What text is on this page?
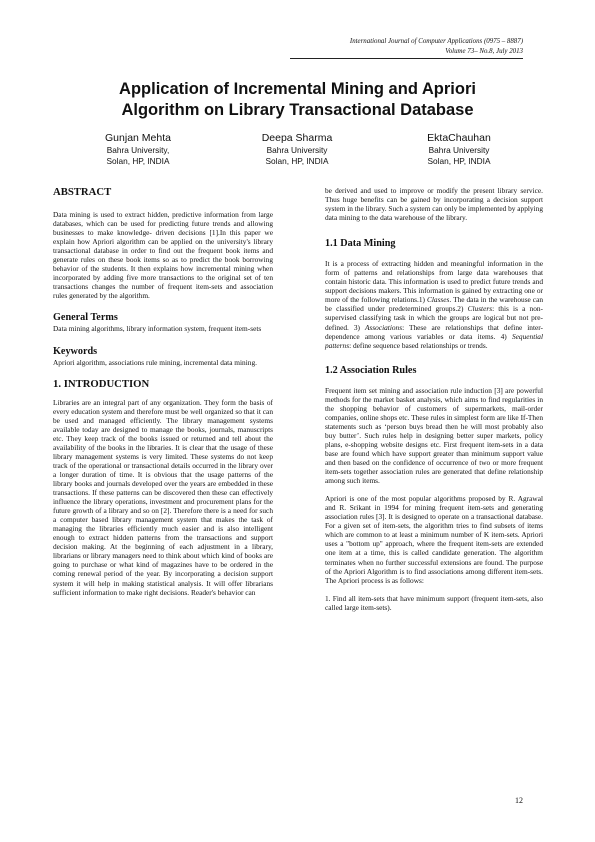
International Journal of Computer Applications (0975 – 8887)
Volume 73– No.8, July 2013
Application of Incremental Mining and Apriori
Algorithm on Library Transactional Database
Gunjan Mehta
Bahra University,
Solan, HP, INDIA
Deepa Sharma
Bahra University
Solan, HP, INDIA
EktaChauhan
Bahra University
Solan, HP, INDIA
ABSTRACT

Data mining is used to extract hidden, predictive information from large databases, which can be used for predicting future trends and allowing businesses to make knowledge- driven decisions [1].In this paper we explain how Apriori algorithm can be applied on the university's library transactional database in order to find out the frequent book items and generate rules on these book items so as to predict the book borrowing behavior of the students. It then explains how incremental mining when incorporated by adding five more transactions to the original set of ten transactions changes the number of frequent item-sets and association rules generated by the algorithm.

General Terms

Data mining algorithms, library information system, frequent item-sets

Keywords

Apriori algorithm, associations rule mining, incremental data mining.

1. INTRODUCTION

Libraries are an integral part of any organization. They form the basis of every education system and therefore must be well organized so that it can be used and managed efficiently. The library management systems available today are designed to manage the books, journals, manuscripts etc. They keep track of the books issued or returned and tell about the availability of the books in the libraries. It is clear that the usage of these library management systems is very limited. These systems do not keep track of the operational or transactional details occurred in the library over a longer duration of time. It is obvious that the usage patterns of the library books and journals developed over the years are embedded in these transactions. If these patterns can be discovered then these can effectively influence the library operations, investment and procurement plans for the future growth of a library and so on [2]. Therefore there is a need for such a computer based library management system that makes the task of managing the libraries efficiently much easier and is also intelligent enough to extract hidden patterns from the transactions and support decision making. At the beginning of each adjustment in a library, librarians or library managers need to think about which kind of books are going to purchase or what kind of magazines have to be ordered in the coming renewal period of the year. By incorporating a decision support system it will help in making statistical analysis. It will offer librarians sufficient information to make right decisions. Reader's behavior can

be derived and used to improve or modify the present library service. Thus huge benefits can be gained by incorporating a decision support system in the library. Such a system can only be implemented by applying data mining to the data warehouse of the library.

1.1 Data Mining

It is a process of extracting hidden and meaningful information in the form of patterns and relationships from large data warehouses that contain historic data. This information is used to predict future trends and support decisions makers. This information is gained by extracting one or more of the following relations.1) Classes. The data in the warehouse can be classified under predetermined groups.2) Clusters: this is a non-supervised classifying task in which the groups are logical but not pre-defined. 3) Associations: These are relationships that define inter-dependence among various variables or data items. 4) Sequential patterns: define sequence based relationships or trends.

1.2 Association Rules

Frequent item set mining and association rule induction [3] are powerful methods for the market basket analysis, which aims to find regularities in the shopping behavior of customers of supermarkets, mail-order companies, online shops etc. These rules in simplest form are like If-Then statements such as ‘person buys bread then he will most probably also buy butter’. Such rules help in designing better super markets, policy plans, e-shopping website designs etc. First frequent item-sets in a data base are found which have support greater than minimum support value and then based on the confidence of occurrence of two or more frequent item-sets together association rules are generated that define relationship among such items.

Apriori is one of the most popular algorithms proposed by R. Agrawal and R. Srikant in 1994 for mining frequent item-sets and generating association rules [3]. It is designed to operate on a transactional database. For a given set of item-sets, the algorithm tries to find subsets of items which are common to at least a minimum number of K item-sets. Apriori uses a "bottom up" approach, where the frequent item-sets are extended one item at a time, this is called candidate generation. The algorithm terminates when no further successful extensions are found. The purpose of the Apriori Algorithm is to find associations among different item-sets. The Apriori process is as follows:

1. Find all item-sets that have minimum support (frequent item-sets, also called large item-sets).

12
